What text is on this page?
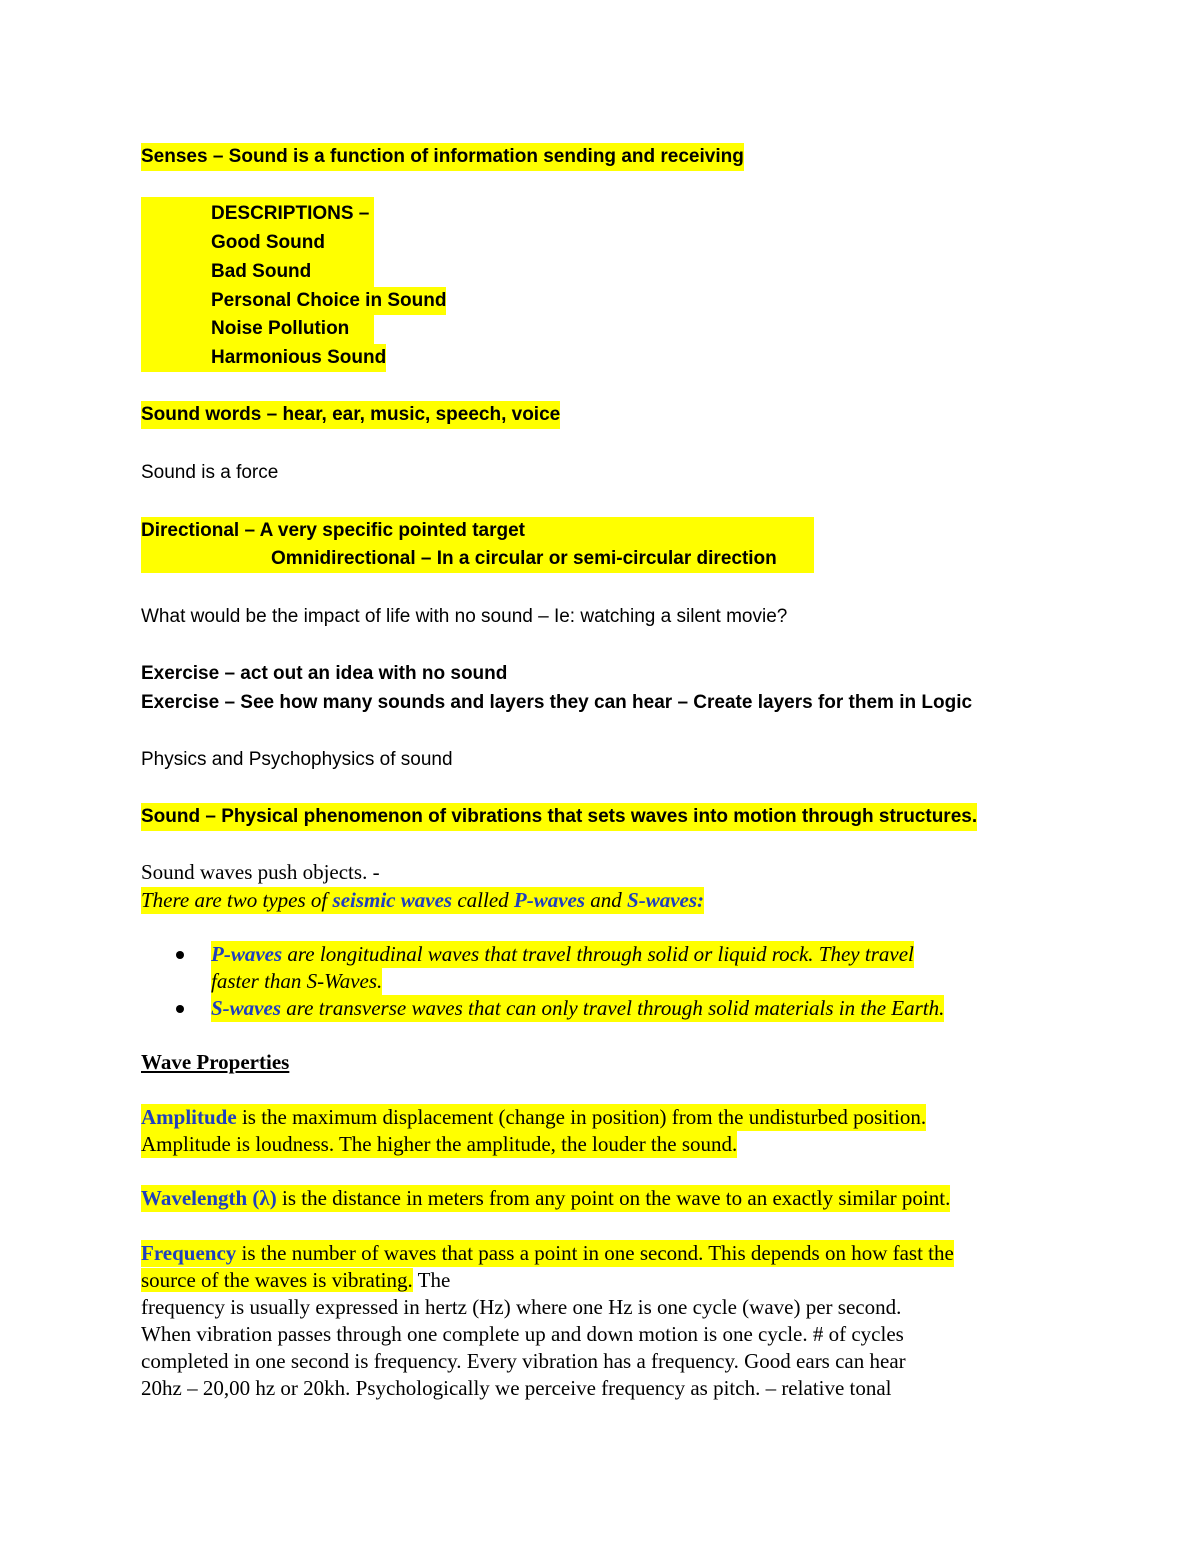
Senses – Sound is a function of information sending and receiving
DESCRIPTIONS –
Good Sound
Bad Sound
Personal Choice in Sound
Noise Pollution
Harmonious Sound
Sound words – hear, ear, music, speech, voice
Sound is a force
Directional – A very specific pointed target
Omnidirectional – In a circular or semi-circular direction
What would be the impact of life with no sound – Ie: watching a silent movie?
Exercise – act out an idea with no sound
Exercise – See how many sounds and layers they can hear – Create layers for them in Logic
Physics and Psychophysics of sound
Sound – Physical phenomenon of vibrations that sets waves into motion through structures.
Sound waves push objects. -
There are two types of seismic waves called P-waves and S-waves:
P-waves are longitudinal waves that travel through solid or liquid rock. They travel
faster than S-Waves.
S-waves are transverse waves that can only travel through solid materials in the Earth.
Wave Properties
Amplitude is the maximum displacement (change in position) from the undisturbed position.
Amplitude is loudness. The higher the amplitude, the louder the sound.
Wavelength (λ) is the distance in meters from any point on the wave to an exactly similar point.
Frequency is the number of waves that pass a point in one second. This depends on how fast the
source of the waves is vibrating. The
frequency is usually expressed in hertz (Hz) where one Hz is one cycle (wave) per second.
When vibration passes through one complete up and down motion is one cycle. # of cycles
completed in one second is frequency. Every vibration has a frequency. Good ears can hear
20hz – 20,00 hz or 20kh. Psychologically we perceive frequency as pitch. – relative tonal
